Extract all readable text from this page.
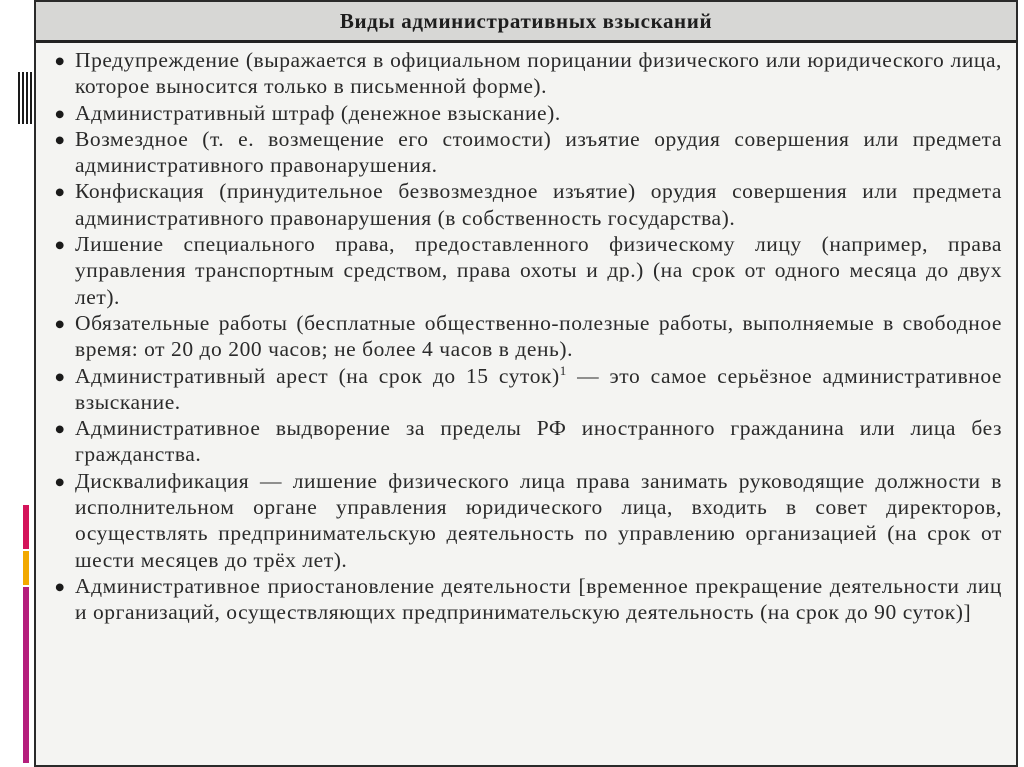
Виды административных взысканий
● Предупреждение (выражается в официальном порицании физического или юридического лица, которое выносится только в письменной форме).
● Административный штраф (денежное взыскание).
● Возмездное (т. е. возмещение его стоимости) изъятие орудия совершения или предмета административного правонарушения.
● Конфискация (принудительное безвозмездное изъятие) орудия совершения или предмета административного правонарушения (в собственность государства).
● Лишение специального права, предоставленного физическому лицу (например, права управления транспортным средством, права охоты и др.) (на срок от одного месяца до двух лет).
● Обязательные работы (бесплатные общественно-полезные работы, выполняемые в свободное время: от 20 до 200 часов; не более 4 часов в день).
● Административный арест (на срок до 15 суток)$^1$ — это самое серьёзное административное взыскание.
● Административное выдворение за пределы РФ иностранного гражданина или лица без гражданства.
● Дисквалификация — лишение физического лица права занимать руководящие должности в исполнительном органе управления юридического лица, входить в совет директоров, осуществлять предпринимательскую деятельность по управлению организацией (на срок от шести месяцев до трёх лет).
● Административное приостановление деятельности [временное прекращение деятельности лиц и организаций, осуществляющих предпринимательскую деятельность (на срок до 90 суток)]
